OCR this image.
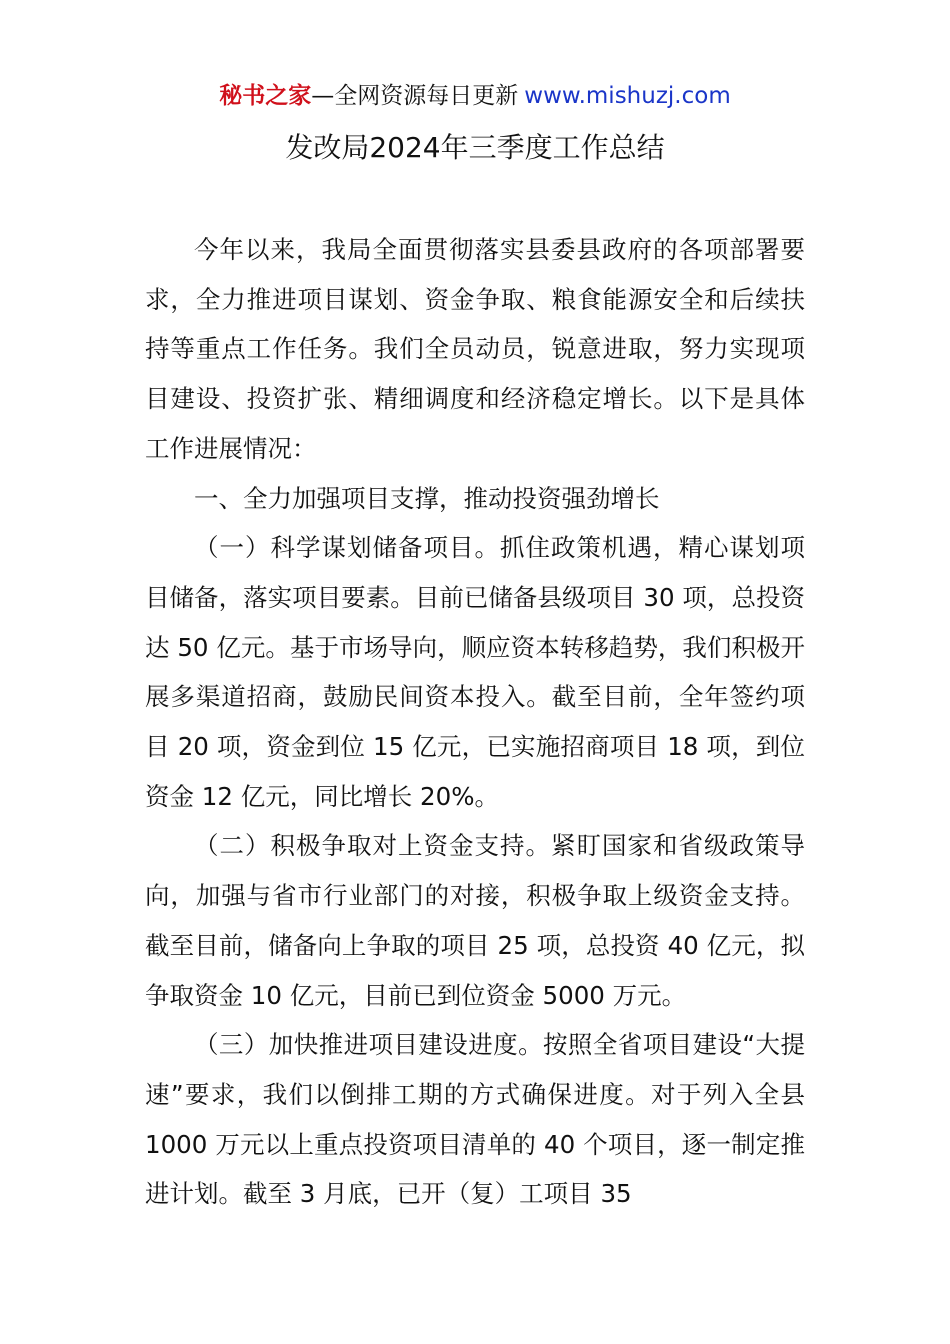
秘书之家—全网资源每日更新 www.mishuzj.com
发改局2024年三季度工作总结

今年以来，我局全面贯彻落实县委县政府的各项部署要求，全力推进项目谋划、资金争取、粮食能源安全和后续扶持等重点工作任务。我们全员动员，锐意进取，努力实现项目建设、投资扩张、精细调度和经济稳定增长。以下是具体工作进展情况：

一、全力加强项目支撑，推动投资强劲增长

（一）科学谋划储备项目。抓住政策机遇，精心谋划项目储备，落实项目要素。目前已储备县级项目 30 项，总投资达 50 亿元。基于市场导向，顺应资本转移趋势，我们积极开展多渠道招商，鼓励民间资本投入。截至目前，全年签约项目 20 项，资金到位 15 亿元，已实施招商项目 18 项，到位资金 12 亿元，同比增长 20%。

（二）积极争取对上资金支持。紧盯国家和省级政策导向，加强与省市行业部门的对接，积极争取上级资金支持。截至目前，储备向上争取的项目 25 项，总投资 40 亿元，拟争取资金 10 亿元，目前已到位资金 5000 万元。

（三）加快推进项目建设进度。按照全省项目建设“大提速”要求，我们以倒排工期的方式确保进度。对于列入全县 1000 万元以上重点投资项目清单的 40 个项目，逐一制定推进计划。截至 3 月底，已开（复）工项目 35
